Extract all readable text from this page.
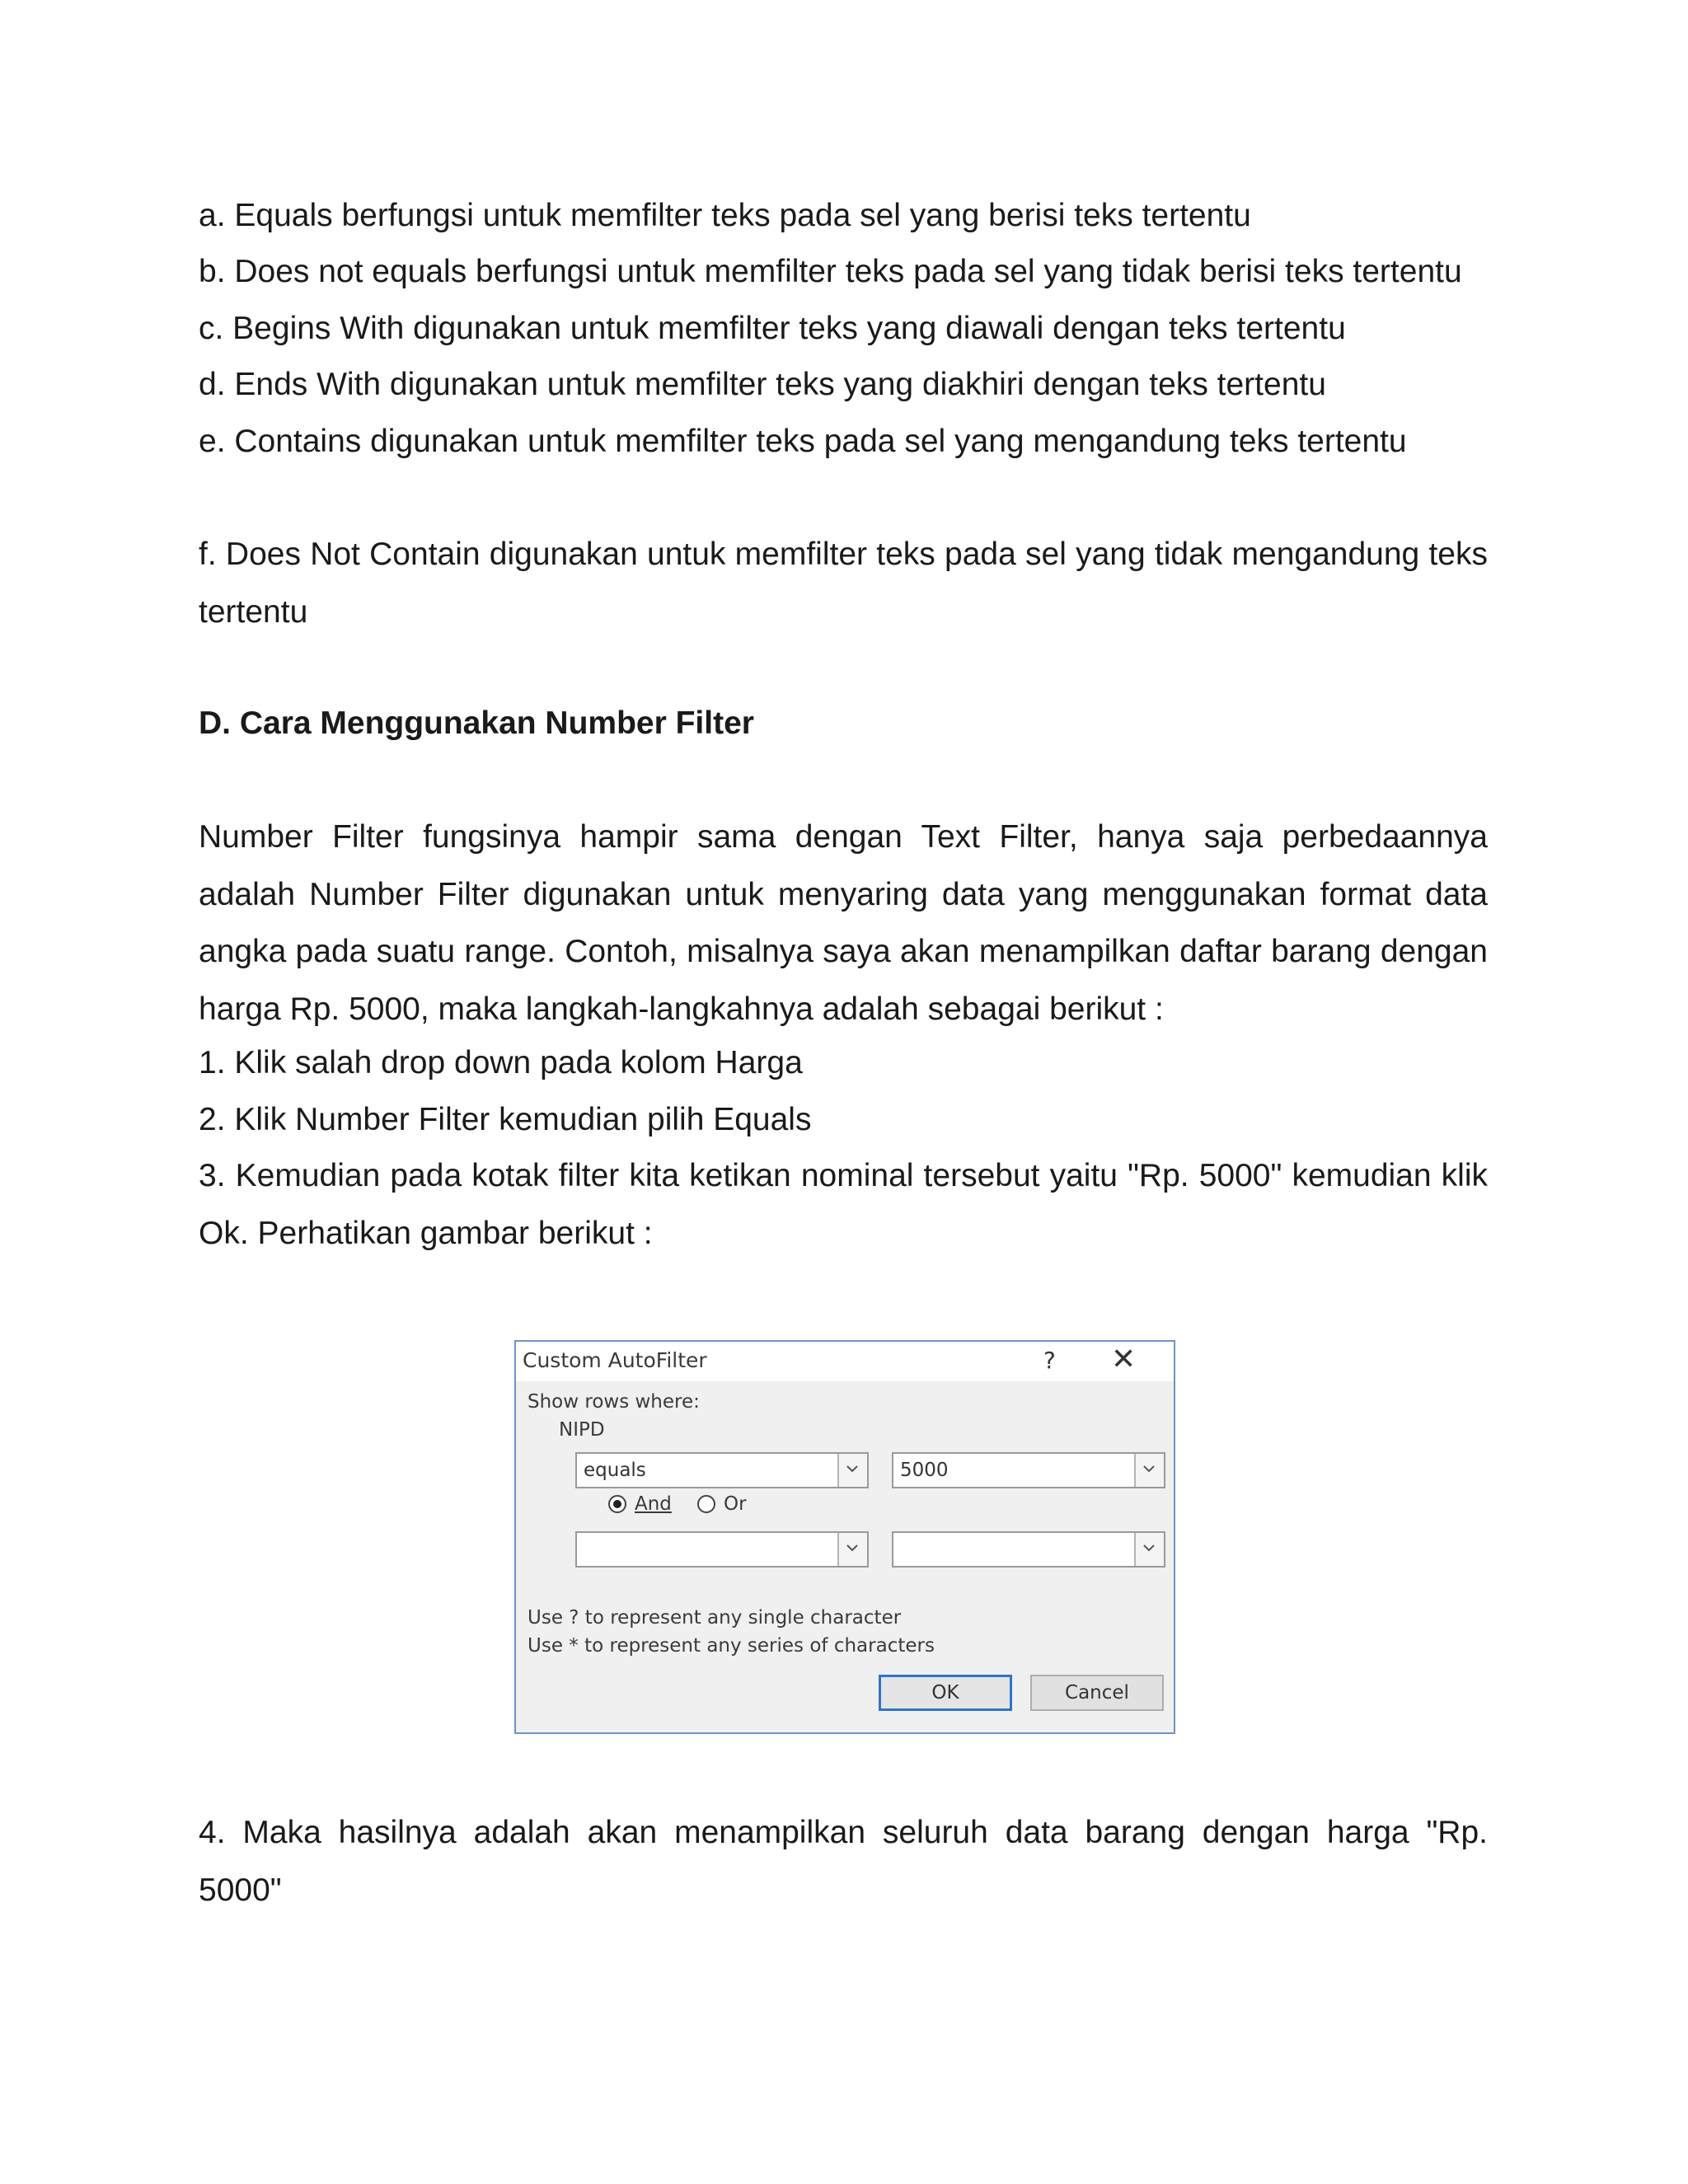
a. Equals berfungsi untuk memfilter teks pada sel yang berisi teks tertentu

b. Does not equals berfungsi untuk memfilter teks pada sel yang tidak berisi teks tertentu

c. Begins With digunakan untuk memfilter teks yang diawali dengan teks tertentu

d. Ends With digunakan untuk memfilter teks yang diakhiri dengan teks tertentu

e. Contains digunakan untuk memfilter teks pada sel yang mengandung teks tertentu

f. Does Not Contain digunakan untuk memfilter teks pada sel yang tidak mengandung teks tertentu

D. Cara Menggunakan Number Filter

Number Filter fungsinya hampir sama dengan Text Filter, hanya saja perbedaannya adalah Number Filter digunakan untuk menyaring data yang menggunakan format data angka pada suatu range. Contoh, misalnya saya akan menampilkan daftar barang dengan harga Rp. 5000, maka langkah-langkahnya adalah sebagai berikut :

1. Klik salah drop down pada kolom Harga

2. Klik Number Filter kemudian pilih Equals

3. Kemudian pada kotak filter kita ketikan nominal tersebut yaitu "Rp. 5000" kemudian klik Ok. Perhatikan gambar berikut :

Custom AutoFilter	? ✕
Show rows where:
NIPD
equals	5000
And	Or
Use ? to represent any single character
Use * to represent any series of characters
OK	Cancel

4. Maka hasilnya adalah akan menampilkan seluruh data barang dengan harga "Rp. 5000"
